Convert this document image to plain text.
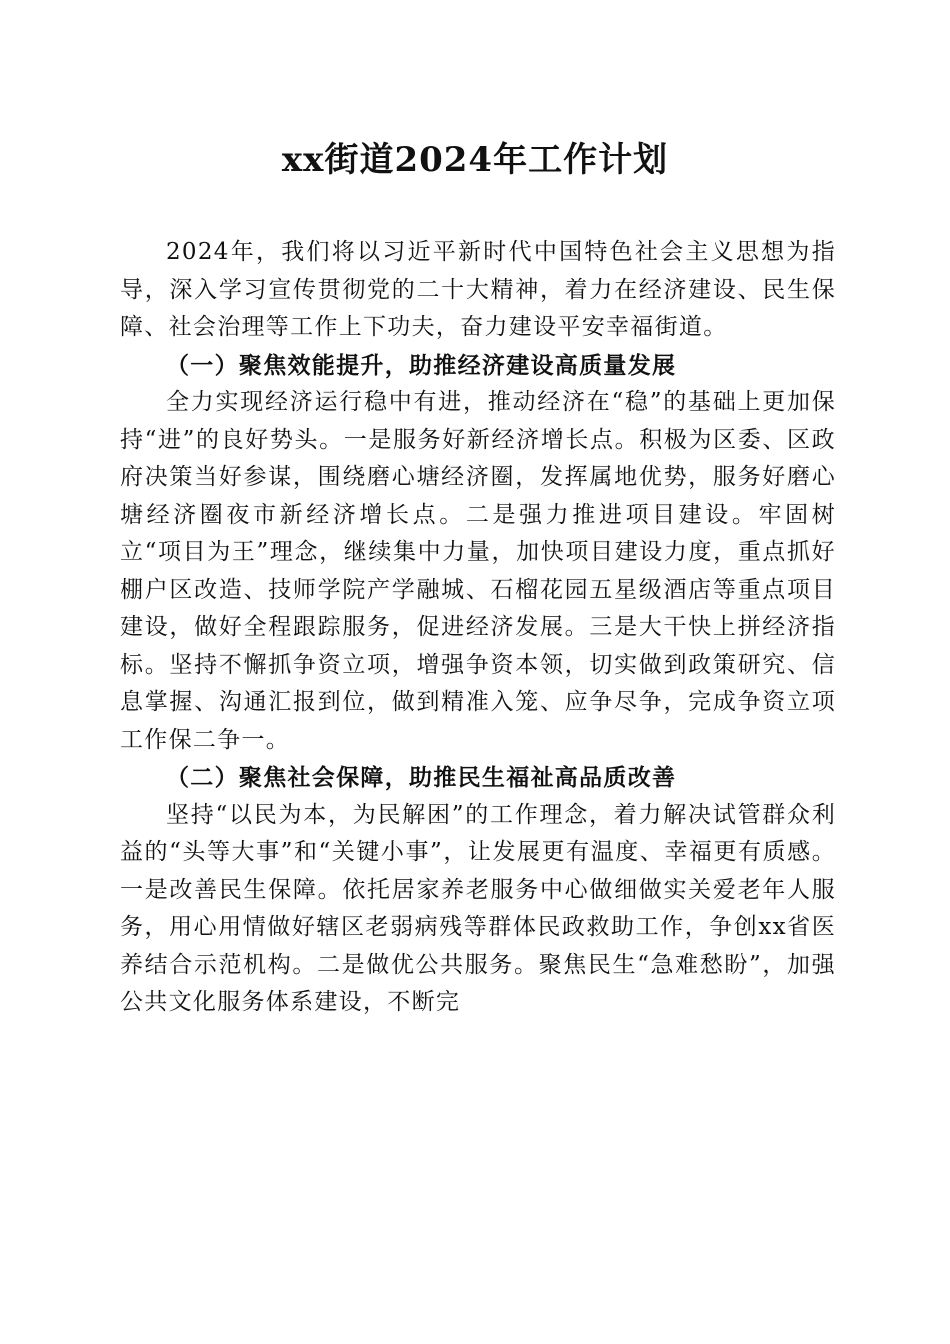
xx街道2024年工作计划

2024年，我们将以习近平新时代中国特色社会主义思想为指导，深入学习宣传贯彻党的二十大精神，着力在经济建设、民生保障、社会治理等工作上下功夫，奋力建设平安幸福街道。

（一）聚焦效能提升，助推经济建设高质量发展

全力实现经济运行稳中有进，推动经济在“稳”的基础上更加保持“进”的良好势头。一是服务好新经济增长点。积极为区委、区政府决策当好参谋，围绕磨心塘经济圈，发挥属地优势，服务好磨心塘经济圈夜市新经济增长点。二是强力推进项目建设。牢固树立“项目为王”理念，继续集中力量，加快项目建设力度，重点抓好棚户区改造、技师学院产学融城、石榴花园五星级酒店等重点项目建设，做好全程跟踪服务，促进经济发展。三是大干快上拼经济指标。坚持不懈抓争资立项，增强争资本领，切实做到政策研究、信息掌握、沟通汇报到位，做到精准入笼、应争尽争，完成争资立项工作保二争一。

（二）聚焦社会保障，助推民生福祉高品质改善

坚持“以民为本，为民解困”的工作理念，着力解决试管群众利益的“头等大事”和“关键小事”，让发展更有温度、幸福更有质感。一是改善民生保障。依托居家养老服务中心做细做实关爱老年人服务，用心用情做好辖区老弱病残等群体民政救助工作，争创xx省医养结合示范机构。二是做优公共服务。聚焦民生“急难愁盼”，加强公共文化服务体系建设，不断完
